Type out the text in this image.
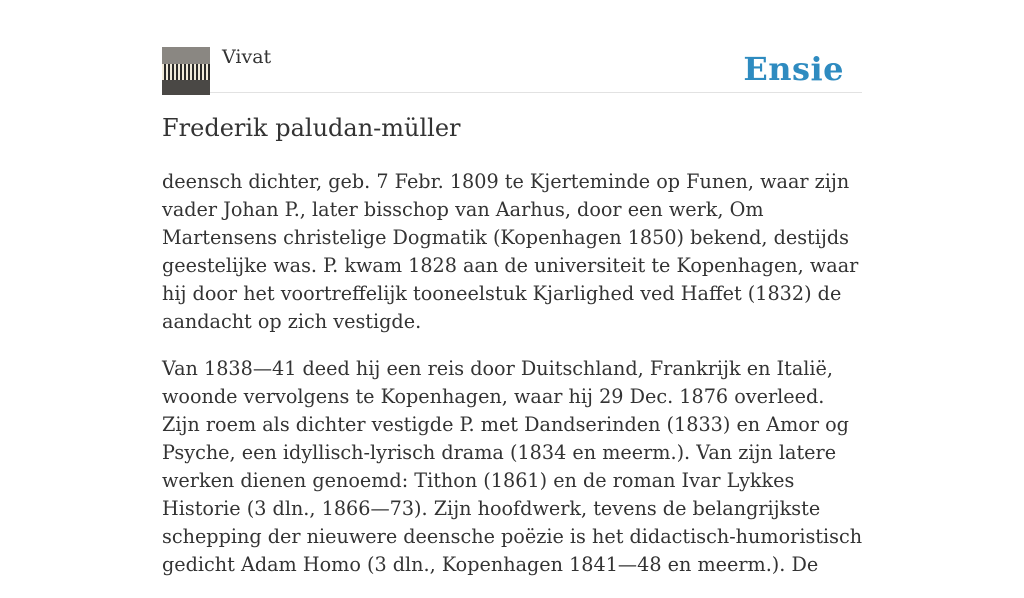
Vivat	Ensie
Frederik paludan-müller

deensch dichter, geb. 7 Febr. 1809 te Kjerteminde op Funen, waar zijn vader Johan P., later bisschop van Aarhus, door een werk, Om Martensens christelige Dogmatik (Kopenhagen 1850) bekend, destijds geestelijke was. P. kwam 1828 aan de universiteit te Kopenhagen, waar hij door het voortreffelijk tooneelstuk Kjarlighed ved Haffet (1832) de aandacht op zich vestigde.

Van 1838—41 deed hij een reis door Duitschland, Frankrijk en Italië, woonde vervolgens te Kopenhagen, waar hij 29 Dec. 1876 overleed. Zijn roem als dichter vestigde P. met Dandserinden (1833) en Amor og Psyche, een idyllisch-lyrisch drama (1834 en meerm.). Van zijn latere werken dienen genoemd: Tithon (1861) en de roman Ivar Lykkes Historie (3 dln., 1866—73). Zijn hoofdwerk, tevens de belangrijkste schepping der nieuwere deensche poëzie is het didactisch-humoristisch gedicht Adam Homo (3 dln., Kopenhagen 1841—48 en meerm.). De
